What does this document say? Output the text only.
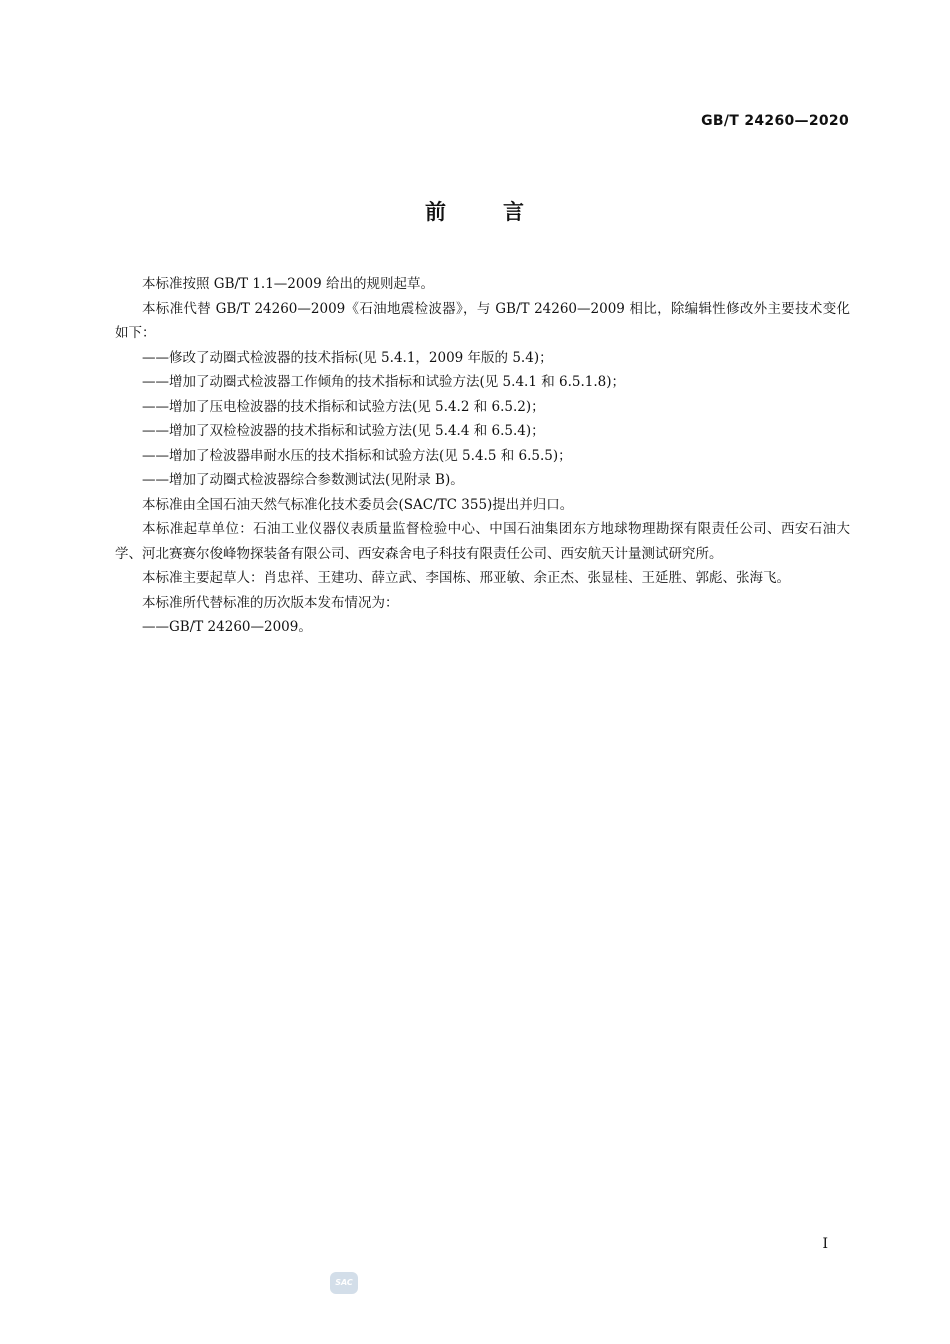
GB/T 24260—2020
前	言

本标准按照 GB/T 1.1—2009 给出的规则起草。

本标准代替 GB/T 24260—2009《石油地震检波器》，与 GB/T 24260—2009 相比，除编辑性修改外主要技术变化如下：

——修改了动圈式检波器的技术指标(见 5.4.1，2009 年版的 5.4)；

——增加了动圈式检波器工作倾角的技术指标和试验方法(见 5.4.1 和 6.5.1.8)；

——增加了压电检波器的技术指标和试验方法(见 5.4.2 和 6.5.2)；

——增加了双检检波器的技术指标和试验方法(见 5.4.4 和 6.5.4)；

——增加了检波器串耐水压的技术指标和试验方法(见 5.4.5 和 6.5.5)；

——增加了动圈式检波器综合参数测试法(见附录 B)。

本标准由全国石油天然气标准化技术委员会(SAC/TC 355)提出并归口。

本标准起草单位：石油工业仪器仪表质量监督检验中心、中国石油集团东方地球物理勘探有限责任公司、西安石油大学、河北赛赛尔俊峰物探装备有限公司、西安森舍电子科技有限责任公司、西安航天计量测试研究所。

本标准主要起草人：肖忠祥、王建功、薛立武、李国栋、邢亚敏、余正杰、张显桂、王延胜、郭彪、张海飞。

本标准所代替标准的历次版本发布情况为：

——GB/T 24260—2009。

I
SAC
